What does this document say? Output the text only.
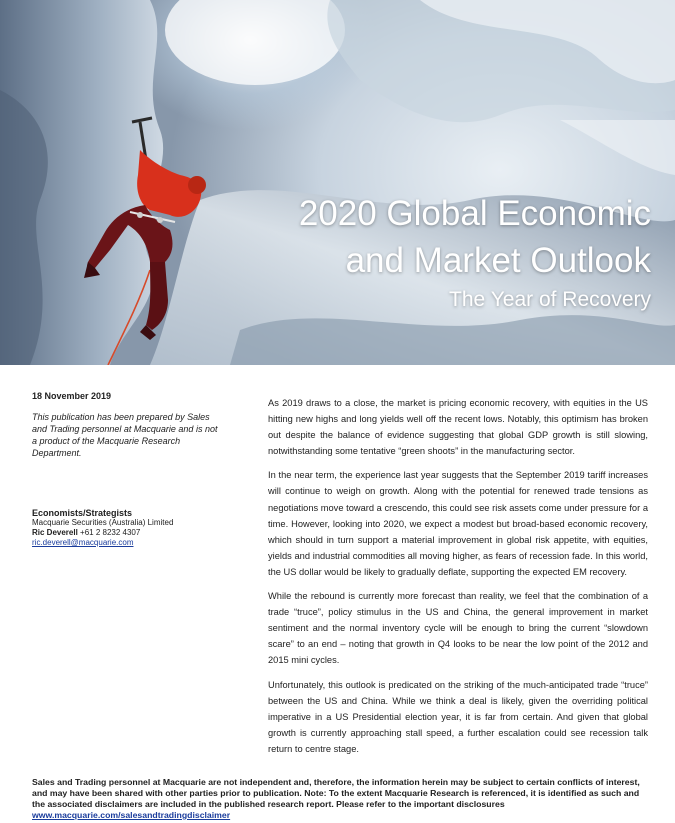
2020 Global Economic
and Market Outlook
The Year of Recovery
18 November 2019
This publication has been prepared by Sales and Trading personnel at Macquarie and is not a product of the Macquarie Research Department.
Economists/Strategists
Macquarie Securities (Australia) Limited
Ric Deverell +61 2 8232 4307
ric.deverell@macquarie.com

As 2019 draws to a close, the market is pricing economic recovery, with equities in the US hitting new highs and long yields well off the recent lows. Notably, this optimism has broken out despite the balance of evidence suggesting that global GDP growth is still slowing, notwithstanding some tentative “green shoots” in the manufacturing sector.

In the near term, the experience last year suggests that the September 2019 tariff increases will continue to weigh on growth. Along with the potential for renewed trade tensions as negotiations move toward a crescendo, this could see risk assets come under pressure for a time. However, looking into 2020, we expect a modest but broad-based economic recovery, which should in turn support a material improvement in global risk appetite, with equities, yields and industrial commodities all moving higher, as fears of recession fade. In this world, the US dollar would be likely to gradually deflate, supporting the expected EM recovery.

While the rebound is currently more forecast than reality, we feel that the combination of a trade “truce”, policy stimulus in the US and China, the general improvement in market sentiment and the normal inventory cycle will be enough to bring the current “slowdown scare” to an end – noting that growth in Q4 looks to be near the low point of the 2012 and 2015 mini cycles.

Unfortunately, this outlook is predicated on the striking of the much-anticipated trade “truce” between the US and China. While we think a deal is likely, given the overriding political imperative in a US Presidential election year, it is far from certain. And given that global growth is currently approaching stall speed, a further escalation could see recession talk return to centre stage.

Sales and Trading personnel at Macquarie are not independent and, therefore, the information herein may be subject to certain conflicts of interest, and may have been shared with other parties prior to publication. Note: To the extent Macquarie Research is referenced, it is identified as such and the associated disclaimers are included in the published research report. Please refer to the important disclosures
www.macquarie.com/salesandtradingdisclaimer
